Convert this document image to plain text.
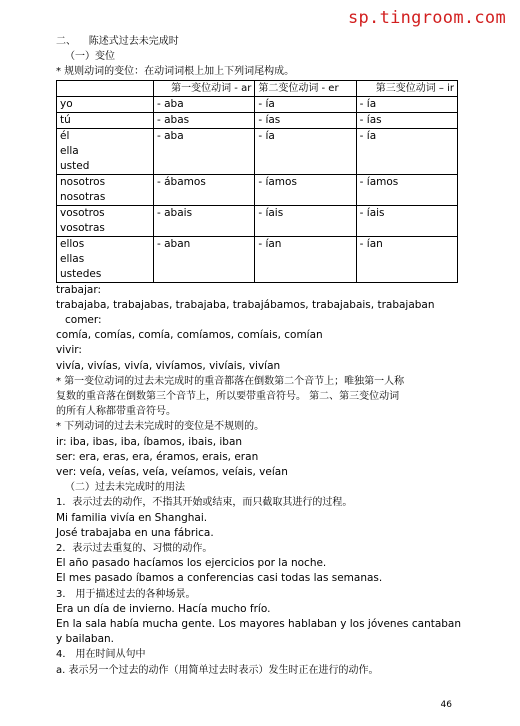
sp.tingroom.com
二、    陈述式过去未完成时
（一）变位
* 规则动词的变位：在动词词根上加上下列词尾构成。
	第一变位动词 - ar	第二变位动词 - er	第三变位动词 – ir

yo	- aba	- ía	- ía

tú	- abas	- ías	- ías

él
ella
usted	- aba	- ía	- ía

nosotros
nosotras	- ábamos	- íamos	- íamos

vosotros
vosotras	- abais	- íais	- íais

ellos
ellas
ustedes	- aban	- ían	- ían
trabajar:
trabajaba, trabajabas, trabajaba, trabajábamos, trabajabais, trabajaban
comer:
comía, comías, comía, comíamos, comíais, comían
vivir:
vivía, vivías, vivía, vivíamos, vivíais, vivían
* 第一变位动词的过去未完成时的重音都落在倒数第二个音节上；唯独第一人称
复数的重音落在倒数第三个音节上，所以要带重音符号。 第二、第三变位动词
的所有人称都带重音符号。
* 下列动词的过去未完成时的变位是不规则的。
ir: iba, ibas, iba, íbamos, ibais, iban
ser: era, eras, era, éramos, erais, eran
ver: veía, veías, veía, veíamos, veíais, veían
（二）过去未完成时的用法
1．表示过去的动作，不指其开始或结束，而只截取其进行的过程。
Mi familia vivía en Shanghai.
José trabajaba en una fábrica.
2．表示过去重复的、习惯的动作。
El año pasado hacíamos los ejercicios por la noche.
El mes pasado íbamos a conferencias casi todas las semanas.
3． 用于描述过去的各种场景。
Era un día de invierno. Hacía mucho frío.
En la sala había mucha gente. Los mayores hablaban y los jóvenes cantaban
y bailaban.
4． 用在时间从句中
a. 表示另一个过去的动作（用简单过去时表示）发生时正在进行的动作。
46
